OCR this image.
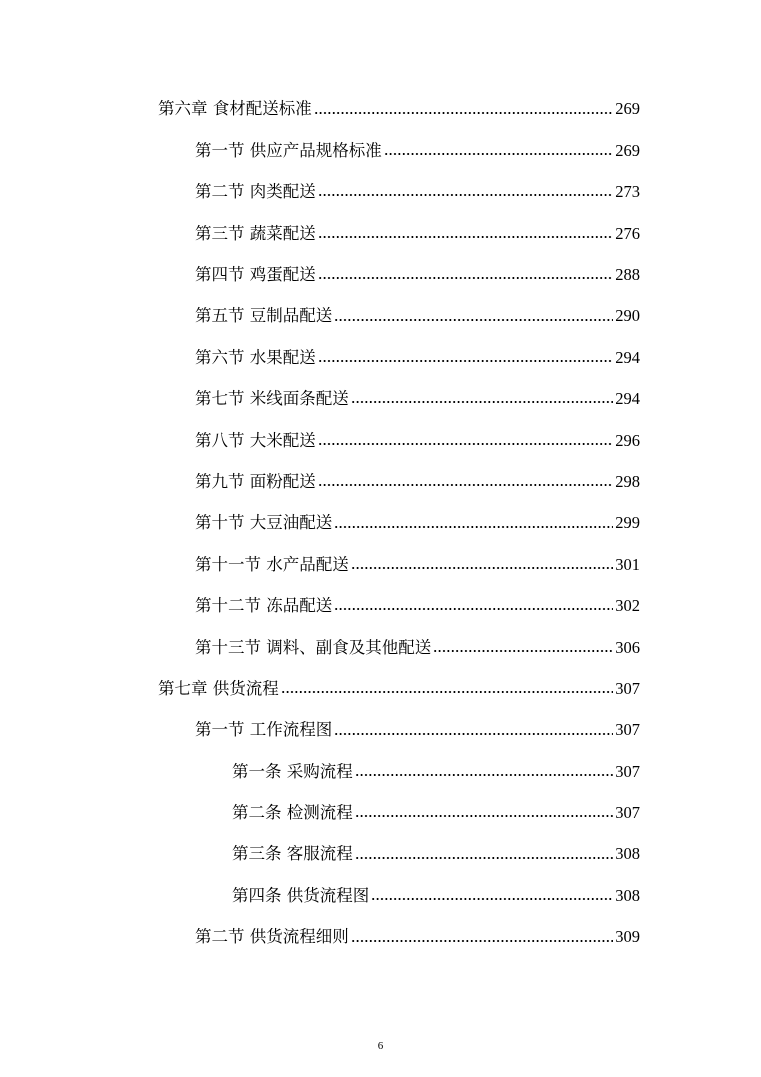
第六章 食材配送标准	269
第一节 供应产品规格标准	269
第二节 肉类配送	273
第三节 蔬菜配送	276
第四节 鸡蛋配送	288
第五节 豆制品配送	290
第六节 水果配送	294
第七节 米线面条配送	294
第八节 大米配送	296
第九节 面粉配送	298
第十节 大豆油配送	299
第十一节 水产品配送	301
第十二节 冻品配送	302
第十三节 调料、副食及其他配送	306
第七章 供货流程	307
第一节 工作流程图	307
第一条 采购流程	307
第二条 检测流程	307
第三条 客服流程	308
第四条 供货流程图	308
第二节 供货流程细则	309
6
